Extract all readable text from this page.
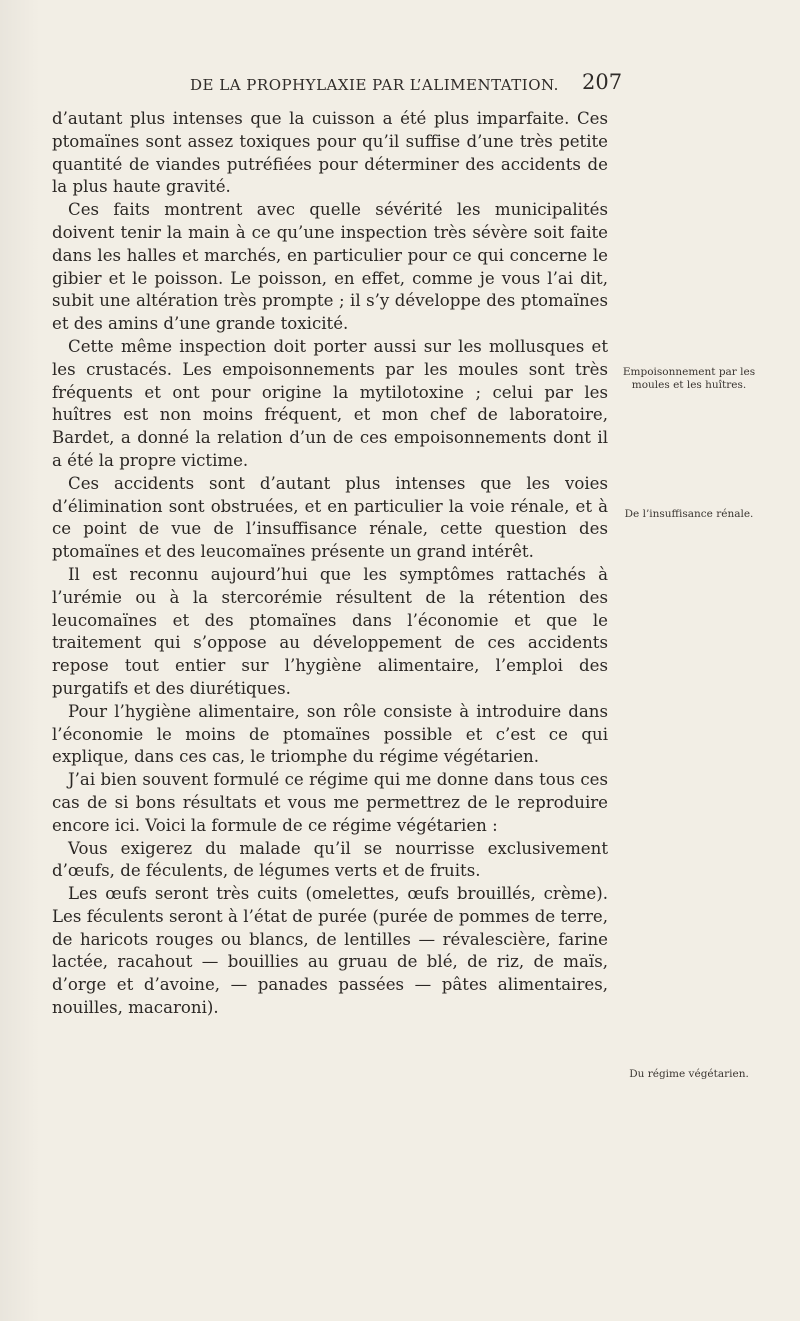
DE LA PROPHYLAXIE PAR L’ALIMENTATION. 207

d’autant plus intenses que la cuisson a été plus imparfaite. Ces ptomaïnes sont assez toxiques pour qu’il suffise d’une très petite quantité de viandes putréfiées pour déterminer des accidents de la plus haute gravité.

Ces faits montrent avec quelle sévérité les municipalités doivent tenir la main à ce qu’une inspection très sévère soit faite dans les halles et marchés, en particulier pour ce qui concerne le gibier et le poisson. Le poisson, en effet, comme je vous l’ai dit, subit une altération très prompte ; il s’y développe des ptomaïnes et des amins d’une grande toxicité.

Cette même inspection doit porter aussi sur les mollusques et les crustacés. Les empoisonnements par les moules sont très fréquents et ont pour origine la mytilotoxine ; celui par les huîtres est non moins fréquent, et mon chef de laboratoire, Bardet, a donné la relation d’un de ces empoisonnements dont il a été la propre victime.

Ces accidents sont d’autant plus intenses que les voies d’élimination sont obstruées, et en particulier la voie rénale, et à ce point de vue de l’insuffisance rénale, cette question des ptomaïnes et des leucomaïnes présente un grand intérêt.

Il est reconnu aujourd’hui que les symptômes rattachés à l’urémie ou à la stercorémie résultent de la rétention des leucomaïnes et des ptomaïnes dans l’économie et que le traitement qui s’oppose au développement de ces accidents repose tout entier sur l’hygiène alimentaire, l’emploi des purgatifs et des diurétiques.

Pour l’hygiène alimentaire, son rôle consiste à introduire dans l’économie le moins de ptomaïnes possible et c’est ce qui explique, dans ces cas, le triomphe du régime végétarien.

J’ai bien souvent formulé ce régime qui me donne dans tous ces cas de si bons résultats et vous me permettrez de le reproduire encore ici. Voici la formule de ce régime végétarien :

Vous exigerez du malade qu’il se nourrisse exclusivement d’œufs, de féculents, de légumes verts et de fruits.

Les œufs seront très cuits (omelettes, œufs brouillés, crème). Les féculents seront à l’état de purée (purée de pommes de terre, de haricots rouges ou blancs, de lentilles — révalescière, farine lactée, racahout — bouillies au gruau de blé, de riz, de maïs, d’orge et d’avoine, — panades passées — pâtes alimentaires, nouilles, macaroni).

Empoisonnement par les moules et les huîtres.
De l’insuffisance rénale.
Du régime végétarien.
